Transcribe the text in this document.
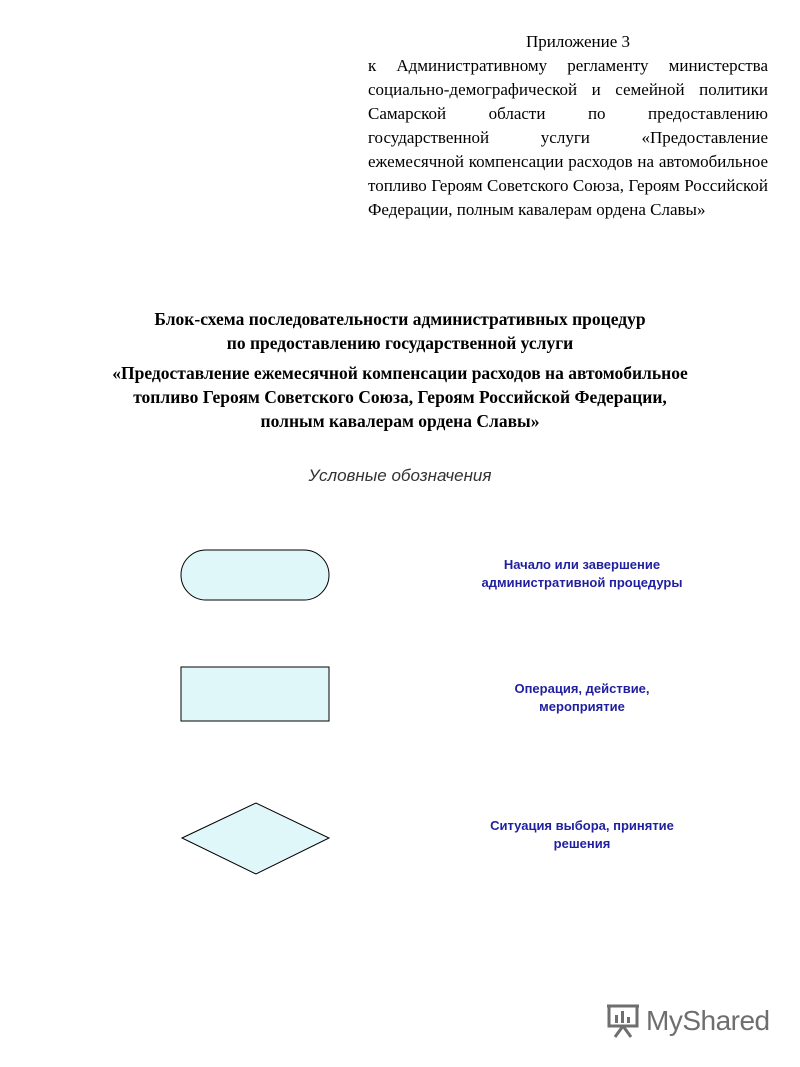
Приложение 3
к Административному регламенту министерства социально-демографической и семейной политики Самарской области по предоставлению государственной услуги «Предоставление ежемесячной компенсации расходов на автомобильное топливо Героям Советского Союза, Героям Российской Федерации, полным кавалерам ордена Славы»
Блок-схема последовательности административных процедур
по предоставлению государственной услуги
«Предоставление ежемесячной компенсации расходов на автомобильное
топливо Героям Советского Союза, Героям Российской Федерации,
полным кавалерам ордена Славы»
Условные обозначения
Начало или завершение
административной процедуры
Операция, действие,
мероприятие
Ситуация выбора, принятие
решения
MyShared
